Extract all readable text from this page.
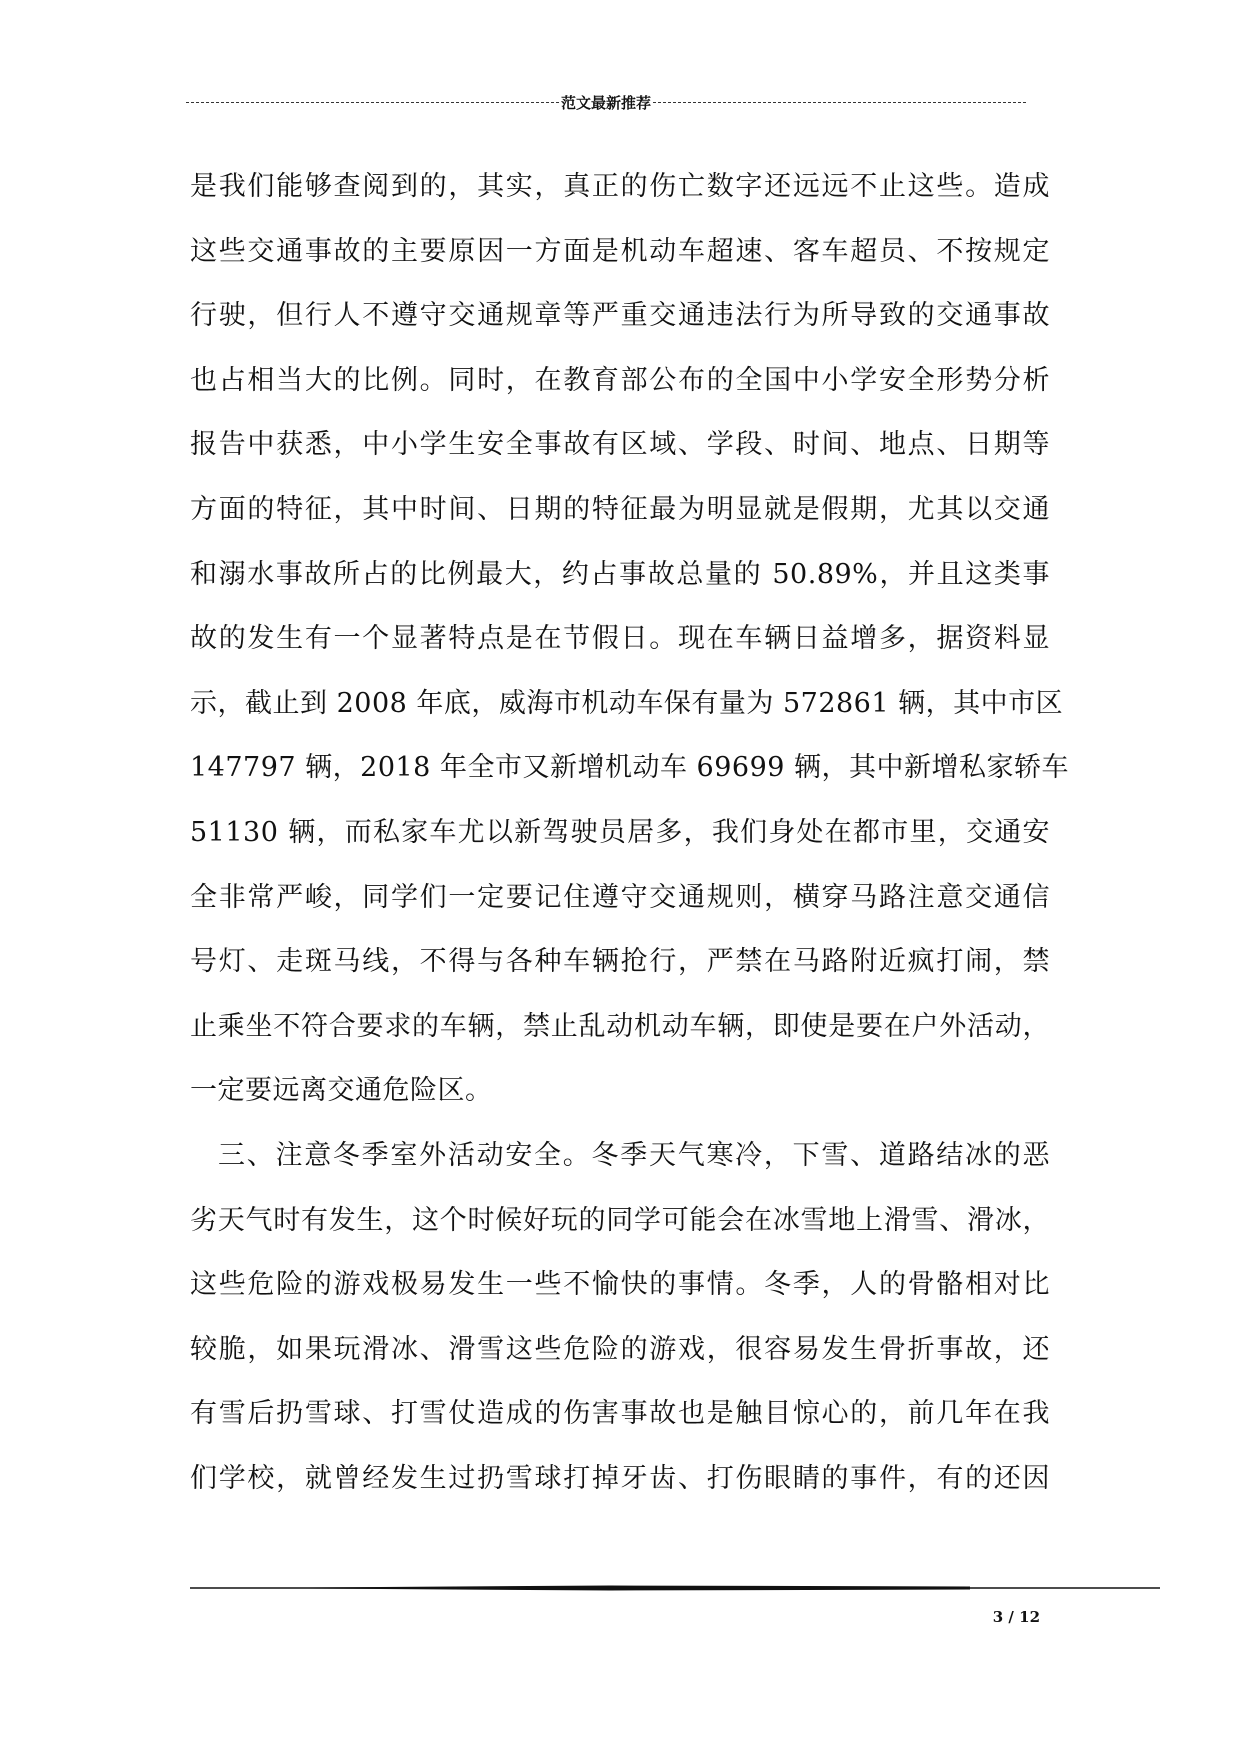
范文最新推荐
是我们能够查阅到的，其实，真正的伤亡数字还远远不止这些。造成
这些交通事故的主要原因一方面是机动车超速、客车超员、不按规定
行驶，但行人不遵守交通规章等严重交通违法行为所导致的交通事故
也占相当大的比例。同时，在教育部公布的全国中小学安全形势分析
报告中获悉，中小学生安全事故有区域、学段、时间、地点、日期等
方面的特征，其中时间、日期的特征最为明显就是假期，尤其以交通
和溺水事故所占的比例最大，约占事故总量的 50.89%，并且这类事
故的发生有一个显著特点是在节假日。现在车辆日益增多，据资料显
示，截止到 2008 年底，威海市机动车保有量为 572861 辆，其中市区
147797 辆，2018 年全市又新增机动车 69699 辆，其中新增私家轿车
51130 辆，而私家车尤以新驾驶员居多，我们身处在都市里，交通安
全非常严峻，同学们一定要记住遵守交通规则，横穿马路注意交通信
号灯、走斑马线，不得与各种车辆抢行，严禁在马路附近疯打闹，禁
止乘坐不符合要求的车辆，禁止乱动机动车辆，即使是要在户外活动，
一定要远离交通危险区。
三、注意冬季室外活动安全。冬季天气寒冷，下雪、道路结冰的恶
劣天气时有发生，这个时候好玩的同学可能会在冰雪地上滑雪、滑冰，
这些危险的游戏极易发生一些不愉快的事情。冬季，人的骨骼相对比
较脆，如果玩滑冰、滑雪这些危险的游戏，很容易发生骨折事故，还
有雪后扔雪球、打雪仗造成的伤害事故也是触目惊心的，前几年在我
们学校，就曾经发生过扔雪球打掉牙齿、打伤眼睛的事件，有的还因
3 / 12
